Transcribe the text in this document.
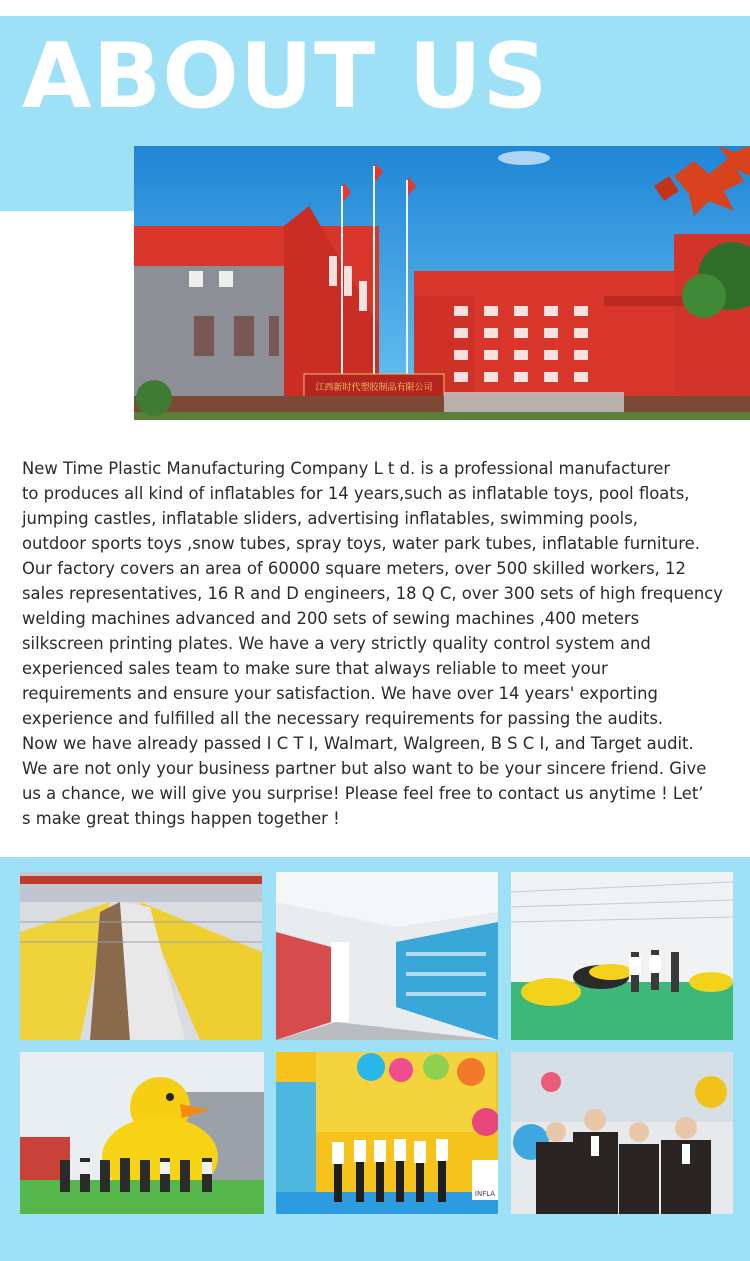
ABOUT US
江西新时代塑胶制品有限公司

New Time Plastic Manufacturing Company L t d. is a professional manufacturer
to produces all kind of inflatables for 14 years,such as inflatable toys, pool floats,
jumping castles, inflatable sliders, advertising inflatables, swimming pools,
outdoor sports toys ,snow tubes, spray toys, water park tubes, inflatable furniture.
Our factory covers an area of 60000 square meters, over 500 skilled workers, 12
sales representatives, 16 R and D engineers, 18 Q C, over 300 sets of high frequency
welding machines advanced and 200 sets of sewing machines ,400 meters
silkscreen printing plates. We have a very strictly quality control system and
experienced sales team to make sure that always reliable to meet your
requirements and ensure your satisfaction. We have over 14 years' exporting
experience and fulfilled all the necessary requirements for passing the audits.
Now we have already passed I C T I, Walmart, Walgreen, B S C I, and Target audit.
We are not only your business partner but also want to be your sincere friend. Give
us a chance, we will give you surprise! Please feel free to contact us anytime ! Let’
s make great things happen together !

INFLA
